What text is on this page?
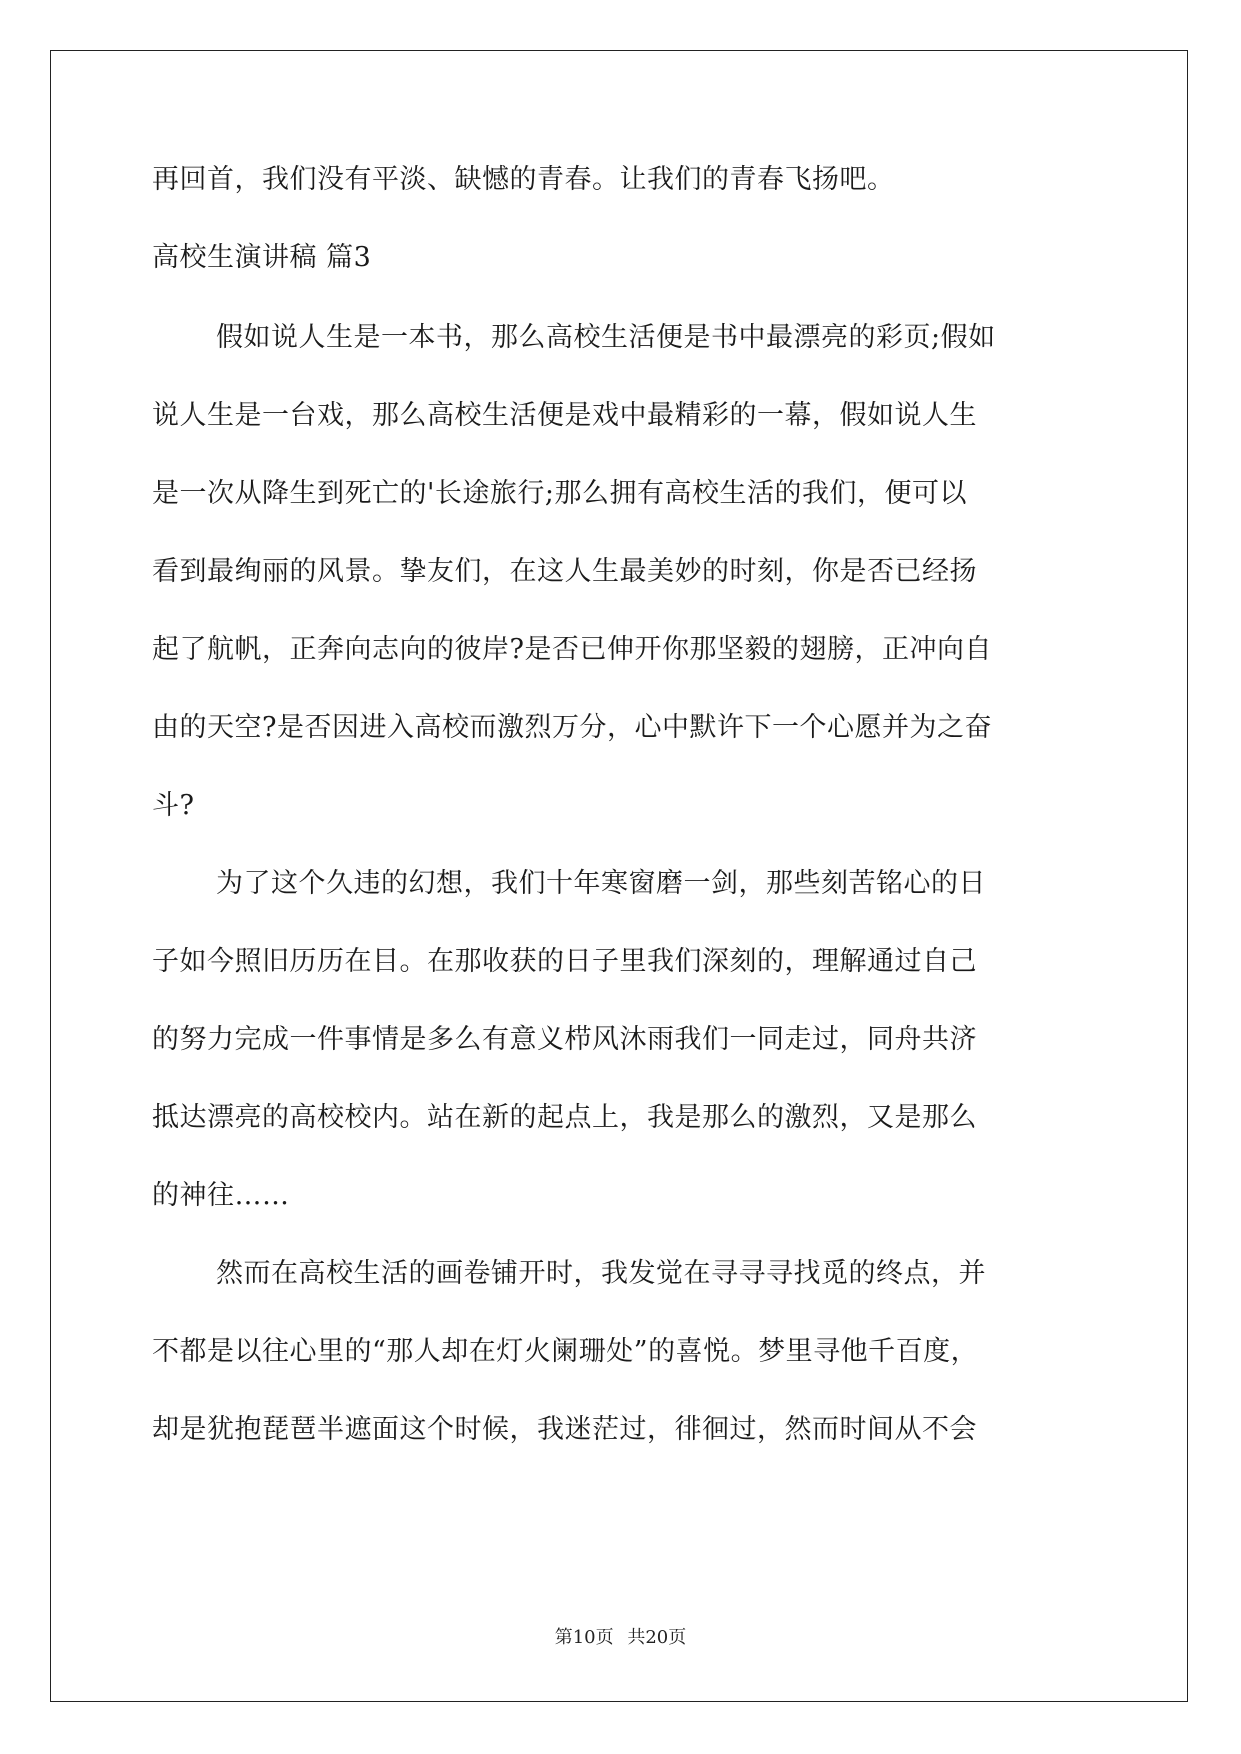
再回首，我们没有平淡、缺憾的青春。让我们的青春飞扬吧。
高校生演讲稿 篇3
假如说人生是一本书，那么高校生活便是书中最漂亮的彩页;假如
说人生是一台戏，那么高校生活便是戏中最精彩的一幕，假如说人生
是一次从降生到死亡的'长途旅行;那么拥有高校生活的我们，便可以
看到最绚丽的风景。挚友们，在这人生最美妙的时刻，你是否已经扬
起了航帆，正奔向志向的彼岸?是否已伸开你那坚毅的翅膀，正冲向自
由的天空?是否因进入高校而激烈万分，心中默许下一个心愿并为之奋
斗?
为了这个久违的幻想，我们十年寒窗磨一剑，那些刻苦铭心的日
子如今照旧历历在目。在那收获的日子里我们深刻的，理解通过自己
的努力完成一件事情是多么有意义栉风沐雨我们一同走过，同舟共济
抵达漂亮的高校校内。站在新的起点上，我是那么的激烈，又是那么
的神往……
然而在高校生活的画卷铺开时，我发觉在寻寻寻找觅的终点，并
不都是以往心里的“那人却在灯火阑珊处”的喜悦。梦里寻他千百度，
却是犹抱琵琶半遮面这个时候，我迷茫过，徘徊过，然而时间从不会
第10页 共20页
